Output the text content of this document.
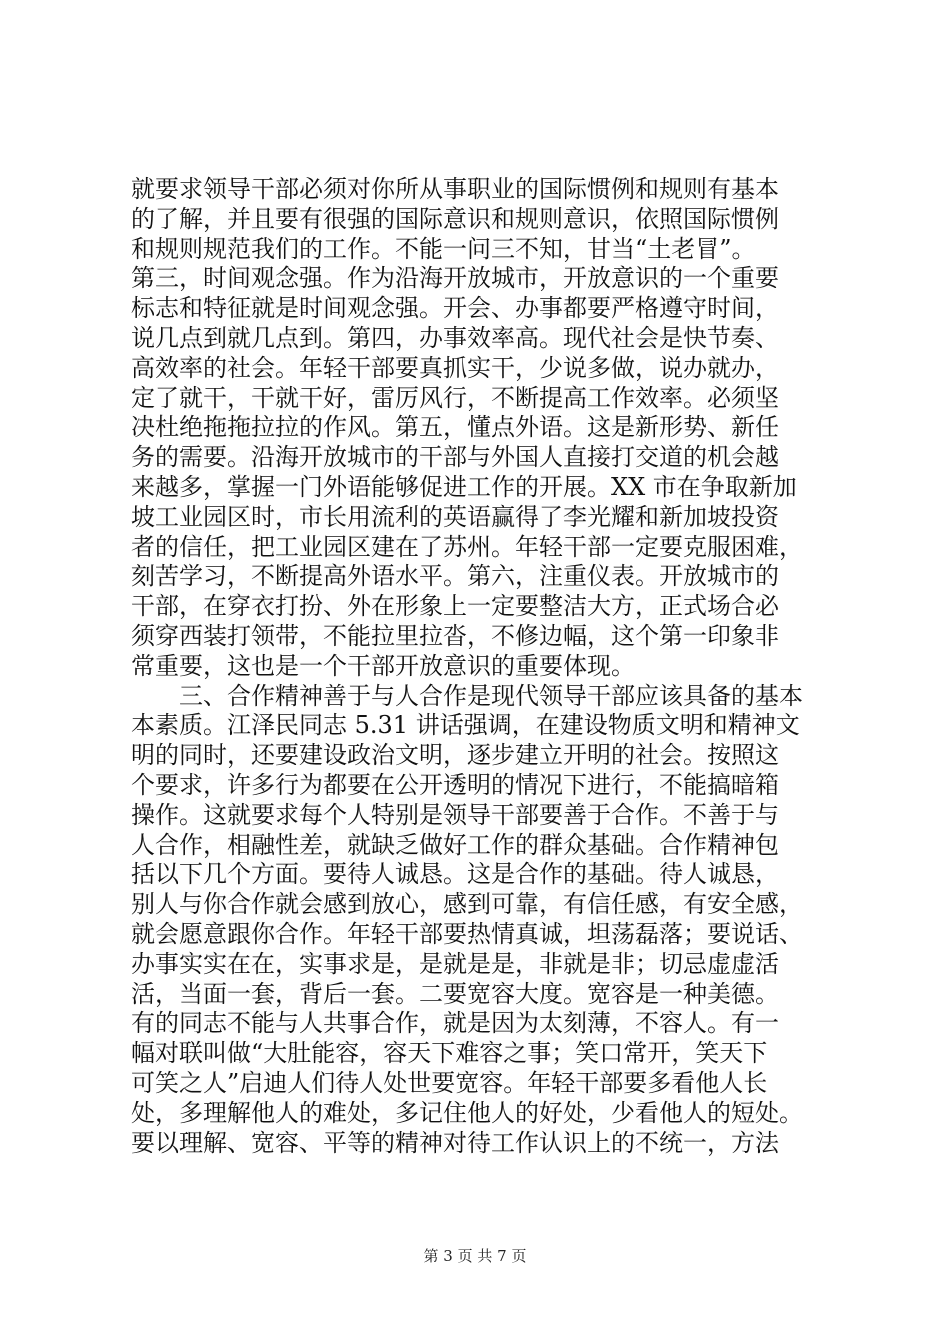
就要求领导干部必须对你所从事职业的国际惯例和规则有基本
的了解，并且要有很强的国际意识和规则意识，依照国际惯例
和规则规范我们的工作。不能一问三不知，甘当“土老冒”。
第三，时间观念强。作为沿海开放城市，开放意识的一个重要
标志和特征就是时间观念强。开会、办事都要严格遵守时间，
说几点到就几点到。第四，办事效率高。现代社会是快节奏、
高效率的社会。年轻干部要真抓实干，少说多做，说办就办，
定了就干，干就干好，雷厉风行，不断提高工作效率。必须坚
决杜绝拖拖拉拉的作风。第五，懂点外语。这是新形势、新任
务的需要。沿海开放城市的干部与外国人直接打交道的机会越
来越多，掌握一门外语能够促进工作的开展。XX 市在争取新加
坡工业园区时，市长用流利的英语赢得了李光耀和新加坡投资
者的信任，把工业园区建在了苏州。年轻干部一定要克服困难，
刻苦学习，不断提高外语水平。第六，注重仪表。开放城市的
干部，在穿衣打扮、外在形象上一定要整洁大方，正式场合必
须穿西装打领带，不能拉里拉沓，不修边幅，这个第一印象非
常重要，这也是一个干部开放意识的重要体现。
　　三、合作精神善于与人合作是现代领导干部应该具备的基本
本素质。江泽民同志 5.31 讲话强调，在建设物质文明和精神文
明的同时，还要建设政治文明，逐步建立开明的社会。按照这
个要求，许多行为都要在公开透明的情况下进行，不能搞暗箱
操作。这就要求每个人特别是领导干部要善于合作。不善于与
人合作，相融性差，就缺乏做好工作的群众基础。合作精神包
括以下几个方面。要待人诚恳。这是合作的基础。待人诚恳，
别人与你合作就会感到放心，感到可靠，有信任感，有安全感，
就会愿意跟你合作。年轻干部要热情真诚，坦荡磊落；要说话、
办事实实在在，实事求是，是就是是，非就是非；切忌虚虚活
活，当面一套，背后一套。二要宽容大度。宽容是一种美德。
有的同志不能与人共事合作，就是因为太刻薄，不容人。有一
幅对联叫做“大肚能容，容天下难容之事；笑口常开，笑天下
可笑之人”启迪人们待人处世要宽容。年轻干部要多看他人长
处，多理解他人的难处，多记住他人的好处，少看他人的短处。
要以理解、宽容、平等的精神对待工作认识上的不统一，方法
第 3 页 共 7 页
